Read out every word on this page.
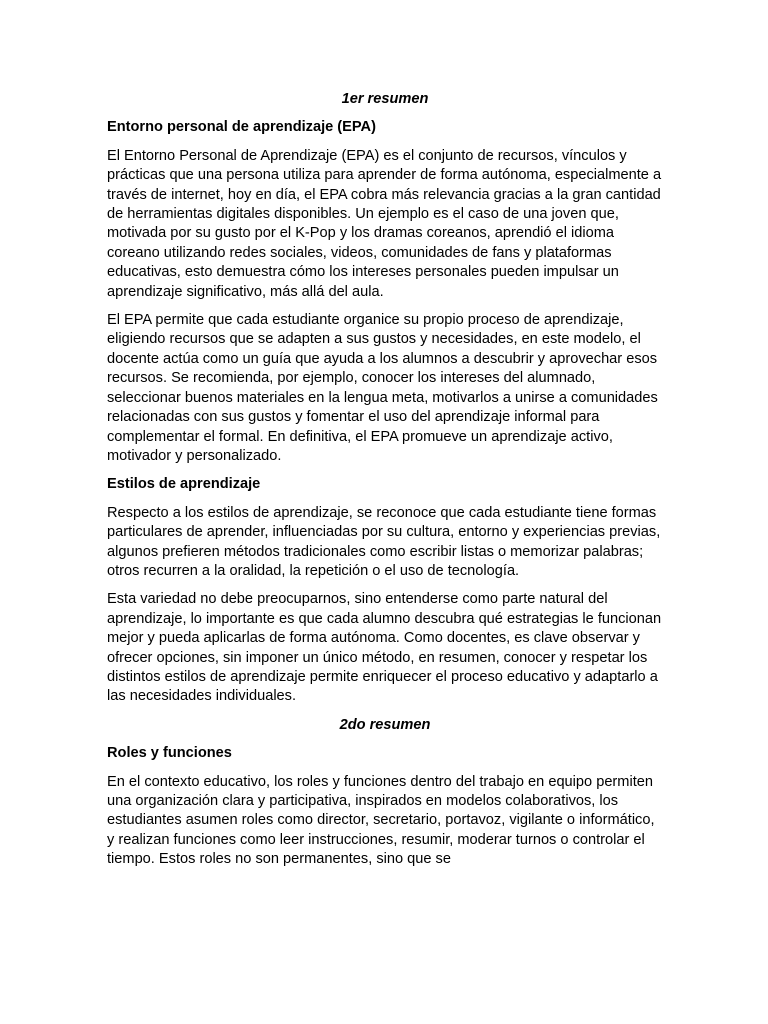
1er resumen
Entorno personal de aprendizaje (EPA)
El Entorno Personal de Aprendizaje (EPA) es el conjunto de recursos, vínculos y prácticas que una persona utiliza para aprender de forma autónoma, especialmente a través de internet, hoy en día, el EPA cobra más relevancia gracias a la gran cantidad de herramientas digitales disponibles. Un ejemplo es el caso de una joven que, motivada por su gusto por el K-Pop y los dramas coreanos, aprendió el idioma coreano utilizando redes sociales, videos, comunidades de fans y plataformas educativas, esto demuestra cómo los intereses personales pueden impulsar un aprendizaje significativo, más allá del aula.
El EPA permite que cada estudiante organice su propio proceso de aprendizaje, eligiendo recursos que se adapten a sus gustos y necesidades, en este modelo, el docente actúa como un guía que ayuda a los alumnos a descubrir y aprovechar esos recursos. Se recomienda, por ejemplo, conocer los intereses del alumnado, seleccionar buenos materiales en la lengua meta, motivarlos a unirse a comunidades relacionadas con sus gustos y fomentar el uso del aprendizaje informal para complementar el formal. En definitiva, el EPA promueve un aprendizaje activo, motivador y personalizado.
Estilos de aprendizaje
Respecto a los estilos de aprendizaje, se reconoce que cada estudiante tiene formas particulares de aprender, influenciadas por su cultura, entorno y experiencias previas, algunos prefieren métodos tradicionales como escribir listas o memorizar palabras; otros recurren a la oralidad, la repetición o el uso de tecnología.
Esta variedad no debe preocuparnos, sino entenderse como parte natural del aprendizaje, lo importante es que cada alumno descubra qué estrategias le funcionan mejor y pueda aplicarlas de forma autónoma. Como docentes, es clave observar y ofrecer opciones, sin imponer un único método, en resumen, conocer y respetar los distintos estilos de aprendizaje permite enriquecer el proceso educativo y adaptarlo a las necesidades individuales.
2do resumen
Roles y funciones
En el contexto educativo, los roles y funciones dentro del trabajo en equipo permiten una organización clara y participativa, inspirados en modelos colaborativos, los estudiantes asumen roles como director, secretario, portavoz, vigilante o informático, y realizan funciones como leer instrucciones, resumir, moderar turnos o controlar el tiempo. Estos roles no son permanentes, sino que se
